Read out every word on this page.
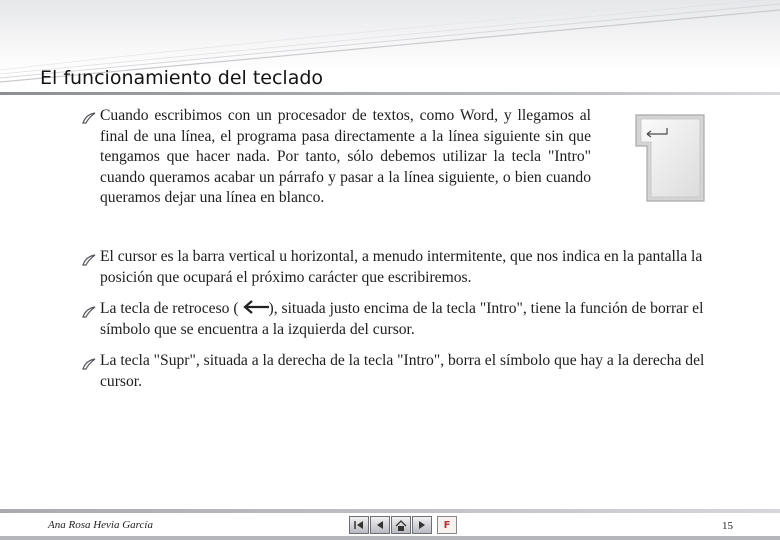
El funcionamiento del teclado

Cuando escribimos con un procesador de textos, como Word, y llegamos al final de una línea, el programa pasa directamente a la línea siguiente sin que tengamos que hacer nada. Por tanto, sólo debemos utilizar la tecla "Intro" cuando queramos acabar un párrafo y pasar a la línea siguiente, o bien cuando queramos dejar una línea en blanco.

El cursor es la barra vertical u horizontal, a menudo intermitente, que nos indica en la pantalla la posición que ocupará el próximo carácter que escribiremos.

La tecla de retroceso ( ), situada justo encima de la tecla "Intro", tiene la función de borrar el símbolo que se encuentra a la izquierda del cursor.

La tecla "Supr", situada a la derecha de la tecla "Intro", borra el símbolo que hay a la derecha del cursor.

Ana Rosa Hevia García	F	15
